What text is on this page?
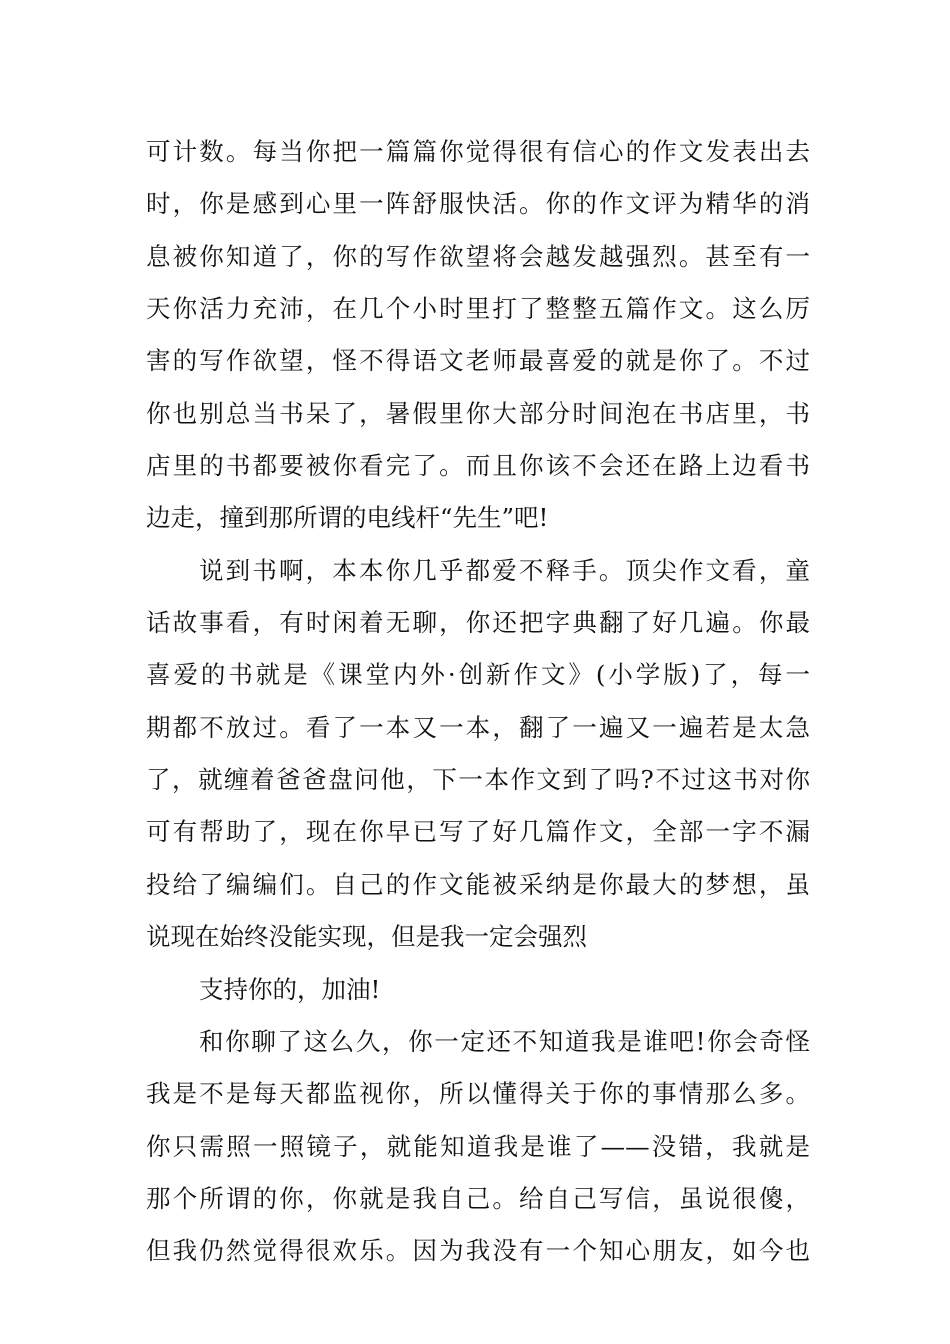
可计数。每当你把一篇篇你觉得很有信心的作文发表出去
时，你是感到心里一阵舒服快活。你的作文评为精华的消
息被你知道了，你的写作欲望将会越发越强烈。甚至有一
天你活力充沛，在几个小时里打了整整五篇作文。这么厉
害的写作欲望，怪不得语文老师最喜爱的就是你了。不过
你也别总当书呆了，暑假里你大部分时间泡在书店里，书
店里的书都要被你看完了。而且你该不会还在路上边看书
边走，撞到那所谓的电线杆“先生”吧!
说到书啊，本本你几乎都爱不释手。顶尖作文看，童
话故事看，有时闲着无聊，你还把字典翻了好几遍。你最
喜爱的书就是《课堂内外·创新作文》(小学版)了，每一
期都不放过。看了一本又一本，翻了一遍又一遍若是太急
了，就缠着爸爸盘问他，下一本作文到了吗?不过这书对你
可有帮助了，现在你早已写了好几篇作文，全部一字不漏
投给了编编们。自己的作文能被采纳是你最大的梦想，虽
说现在始终没能实现，但是我一定会强烈
支持你的，加油!
和你聊了这么久，你一定还不知道我是谁吧!你会奇怪
我是不是每天都监视你，所以懂得关于你的事情那么多。
你只需照一照镜子，就能知道我是谁了——没错，我就是
那个所谓的你，你就是我自己。给自己写信，虽说很傻，
但我仍然觉得很欢乐。因为我没有一个知心朋友，如今也
